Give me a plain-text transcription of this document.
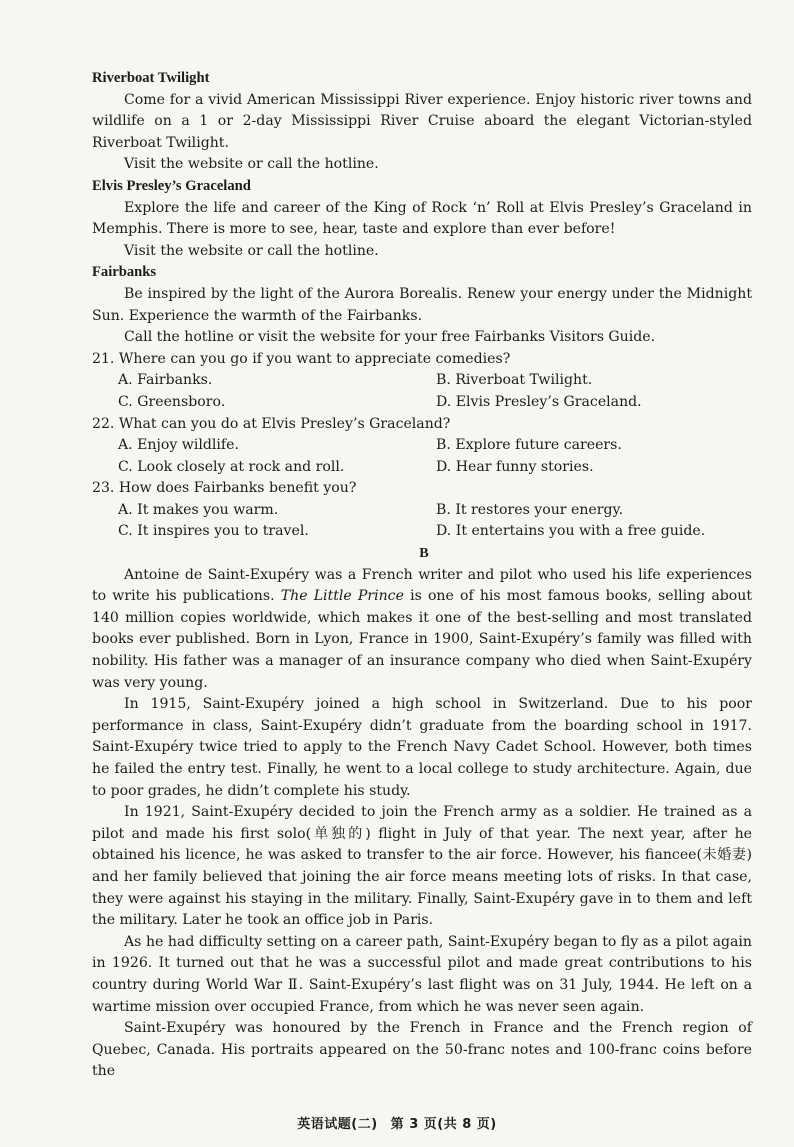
Riverboat Twilight

Come for a vivid American Mississippi River experience. Enjoy historic river towns and wildlife on a 1 or 2-day Mississippi River Cruise aboard the elegant Victorian-styled Riverboat Twilight.

Visit the website or call the hotline.

Elvis Presley’s Graceland

Explore the life and career of the King of Rock ‘n’ Roll at Elvis Presley’s Graceland in Memphis. There is more to see, hear, taste and explore than ever before!

Visit the website or call the hotline.

Fairbanks

Be inspired by the light of the Aurora Borealis. Renew your energy under the Midnight Sun. Experience the warmth of the Fairbanks.

Call the hotline or visit the website for your free Fairbanks Visitors Guide.

21. Where can you go if you want to appreciate comedies?

A. Fairbanks.	B. Riverboat Twilight.
C. Greensboro.	D. Elvis Presley’s Graceland.

22. What can you do at Elvis Presley’s Graceland?

A. Enjoy wildlife.	B. Explore future careers.
C. Look closely at rock and roll.	D. Hear funny stories.

23. How does Fairbanks benefit you?

A. It makes you warm.	B. It restores your energy.
C. It inspires you to travel.	D. It entertains you with a free guide.

B

Antoine de Saint-Exupéry was a French writer and pilot who used his life experiences to write his publications. The Little Prince is one of his most famous books, selling about 140 million copies worldwide, which makes it one of the best-selling and most translated books ever published. Born in Lyon, France in 1900, Saint-Exupéry’s family was filled with nobility. His father was a manager of an insurance company who died when Saint-Exupéry was very young.

In 1915, Saint-Exupéry joined a high school in Switzerland. Due to his poor performance in class, Saint-Exupéry didn’t graduate from the boarding school in 1917. Saint-Exupéry twice tried to apply to the French Navy Cadet School. However, both times he failed the entry test. Finally, he went to a local college to study architecture. Again, due to poor grades, he didn’t complete his study.

In 1921, Saint-Exupéry decided to join the French army as a soldier. He trained as a pilot and made his first solo(单独的) flight in July of that year. The next year, after he obtained his licence, he was asked to transfer to the air force. However, his fiancee(未婚妻) and her family believed that joining the air force means meeting lots of risks. In that case, they were against his staying in the military. Finally, Saint-Exupéry gave in to them and left the military. Later he took an office job in Paris.

As he had difficulty setting on a career path, Saint-Exupéry began to fly as a pilot again in 1926. It turned out that he was a successful pilot and made great contributions to his country during World War Ⅱ. Saint-Exupéry’s last flight was on 31 July, 1944. He left on a wartime mission over occupied France, from which he was never seen again.

Saint-Exupéry was honoured by the French in France and the French region of Quebec, Canada. His portraits appeared on the 50-franc notes and 100-franc coins before the

英语试题(二) 第 3 页(共 8 页)
